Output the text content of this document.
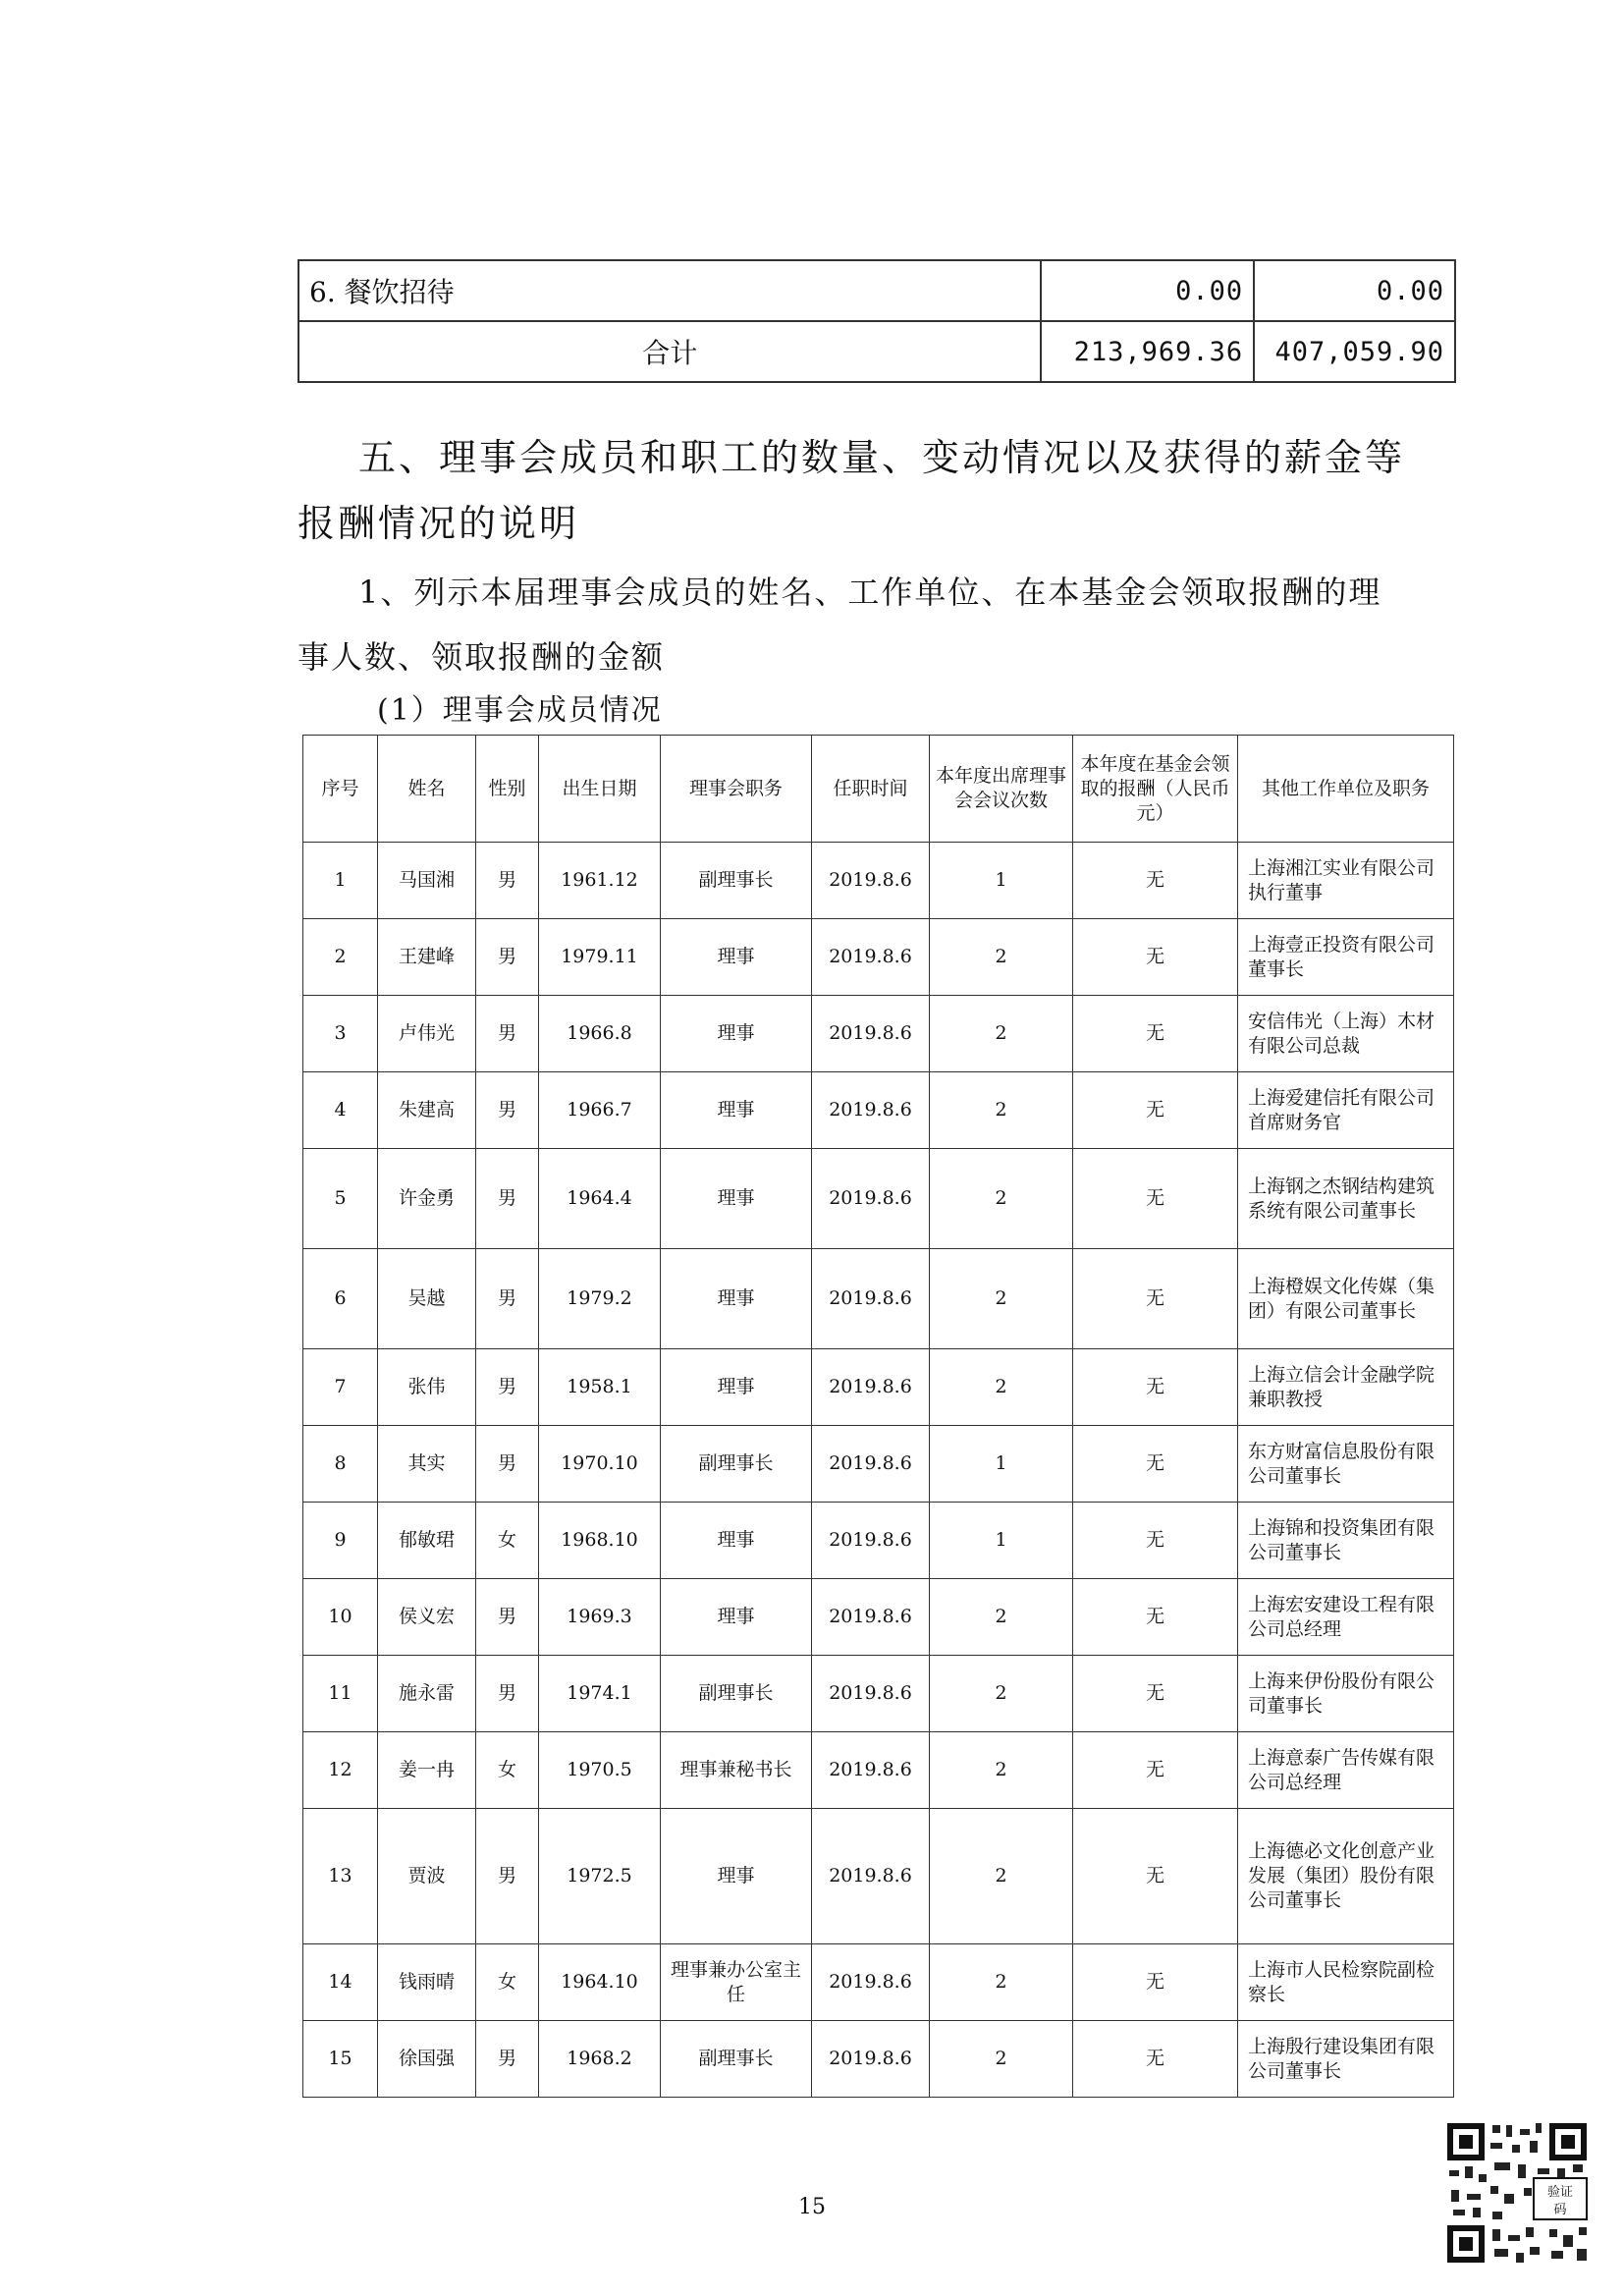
6. 餐饮招待	0.00	0.00
合计	213,969.36	407,059.90
五、理事会成员和职工的数量、变动情况以及获得的薪金等
报酬情况的说明
1、列示本届理事会成员的姓名、工作单位、在本基金会领取报酬的理
事人数、领取报酬的金额
(1）理事会成员情况
序号	姓名	性别	出生日期	理事会职务	任职时间	本年度出席理事会会议次数	本年度在基金会领取的报酬（人民币元）	其他工作单位及职务
1	马国湘	男	1961.12	副理事长	2019.8.6	1	无	上海湘江实业有限公司执行董事
2	王建峰	男	1979.11	理事	2019.8.6	2	无	上海壹正投资有限公司董事长
3	卢伟光	男	1966.8	理事	2019.8.6	2	无	安信伟光（上海）木材有限公司总裁
4	朱建高	男	1966.7	理事	2019.8.6	2	无	上海爱建信托有限公司首席财务官
5	许金勇	男	1964.4	理事	2019.8.6	2	无	上海钢之杰钢结构建筑系统有限公司董事长
6	吴越	男	1979.2	理事	2019.8.6	2	无	上海橙娱文化传媒（集团）有限公司董事长
7	张伟	男	1958.1	理事	2019.8.6	2	无	上海立信会计金融学院兼职教授
8	其实	男	1970.10	副理事长	2019.8.6	1	无	东方财富信息股份有限公司董事长
9	郁敏珺	女	1968.10	理事	2019.8.6	1	无	上海锦和投资集团有限公司董事长
10	侯义宏	男	1969.3	理事	2019.8.6	2	无	上海宏安建设工程有限公司总经理
11	施永雷	男	1974.1	副理事长	2019.8.6	2	无	上海来伊份股份有限公司董事长
12	姜一冉	女	1970.5	理事兼秘书长	2019.8.6	2	无	上海意泰广告传媒有限公司总经理
13	贾波	男	1972.5	理事	2019.8.6	2	无	上海德必文化创意产业发展（集团）股份有限公司董事长
14	钱雨晴	女	1964.10	理事兼办公室主任	2019.8.6	2	无	上海市人民检察院副检察长
15	徐国强	男	1968.2	副理事长	2019.8.6	2	无	上海殷行建设集团有限公司董事长
15
验证
码
